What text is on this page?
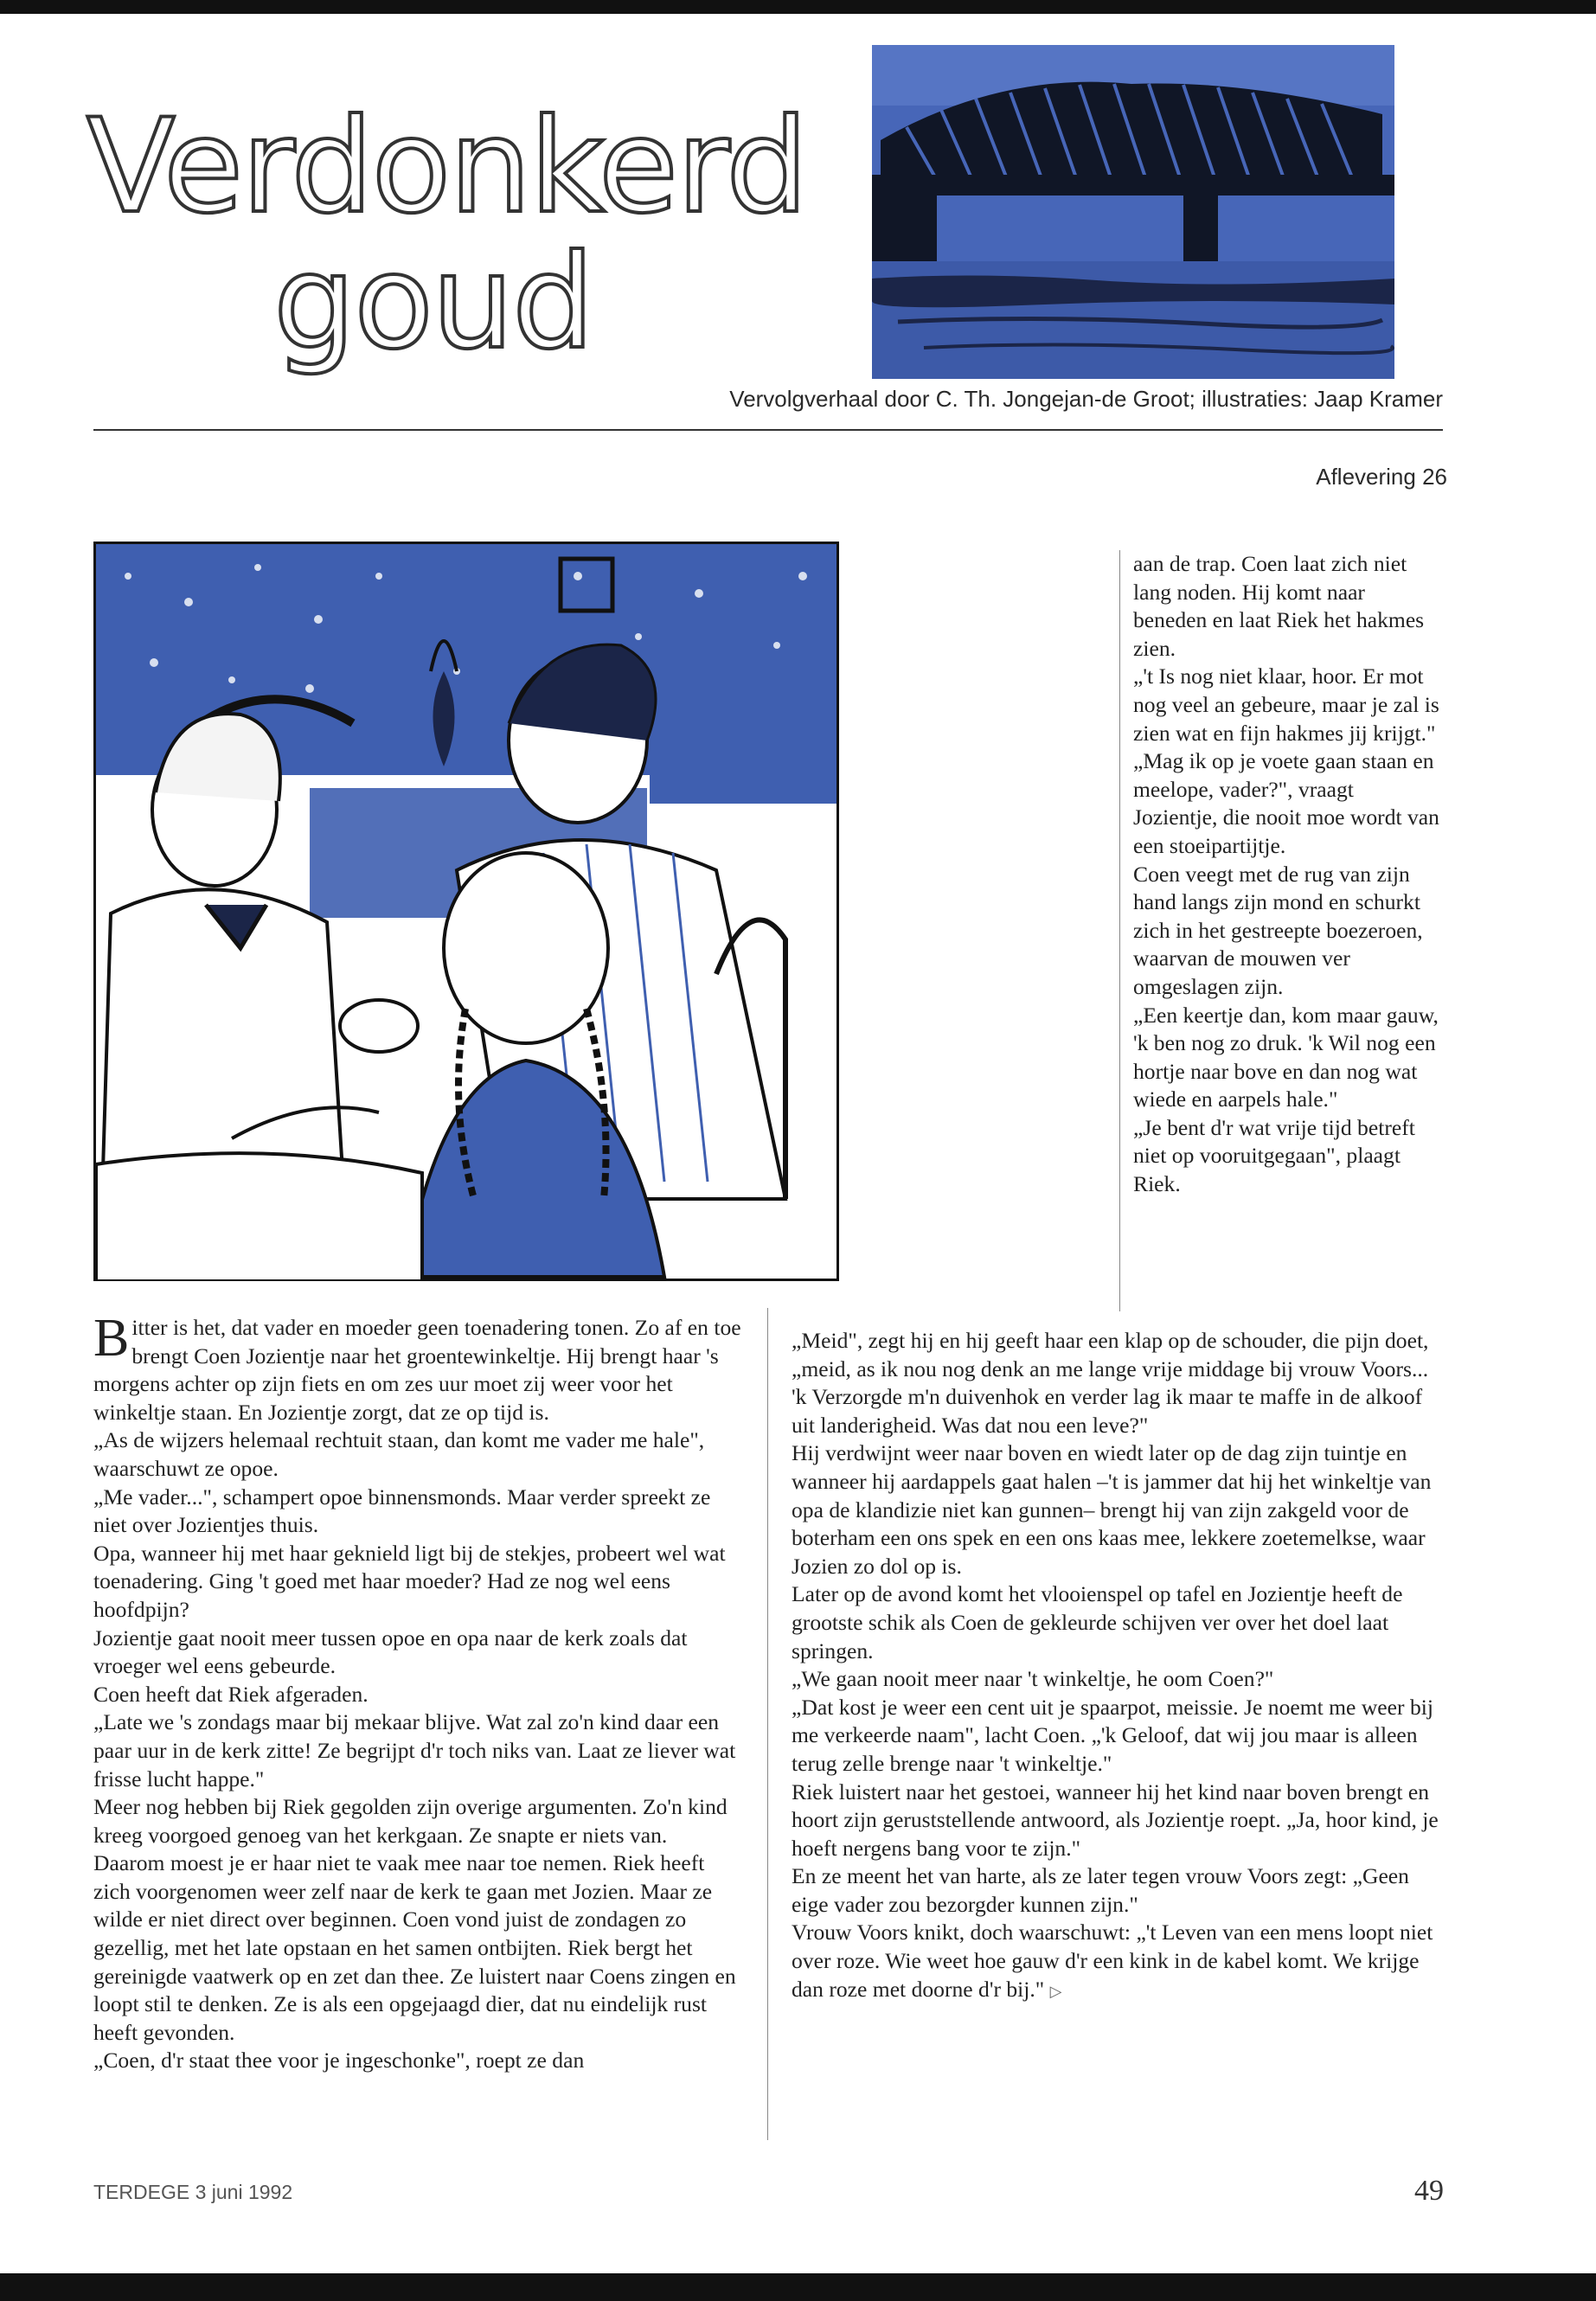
Verdonkerd
goud
Vervolgverhaal door C. Th. Jongejan-de Groot; illustraties: Jaap Kramer
Aflevering 26

aan de trap. Coen laat zich niet lang noden. Hij komt naar beneden en laat Riek het hakmes zien.

„'t Is nog niet klaar, hoor. Er mot nog veel an gebeure, maar je zal is zien wat en fijn hakmes jij krijgt."

„Mag ik op je voete gaan staan en meelope, vader?", vraagt Jozientje, die nooit moe wordt van een stoeipartijtje.

Coen veegt met de rug van zijn hand langs zijn mond en schurkt zich in het gestreepte boezeroen, waarvan de mouwen ver omgeslagen zijn.

„Een keertje dan, kom maar gauw, 'k ben nog zo druk. 'k Wil nog een hortje naar bove en dan nog wat wiede en aarpels hale."

„Je bent d'r wat vrije tijd betreft niet op vooruitgegaan", plaagt Riek.

Bitter is het, dat vader en moeder geen toenadering tonen. Zo af en toe brengt Coen Jozientje naar het groentewinkeltje. Hij brengt haar 's morgens achter op zijn fiets en om zes uur moet zij weer voor het winkeltje staan. En Jozientje zorgt, dat ze op tijd is.

„As de wijzers helemaal rechtuit staan, dan komt me vader me hale", waarschuwt ze opoe.

„Me vader...", schampert opoe binnensmonds. Maar verder spreekt ze niet over Jozientjes thuis.

Opa, wanneer hij met haar geknield ligt bij de stekjes, probeert wel wat toenadering. Ging 't goed met haar moeder? Had ze nog wel eens hoofdpijn?

Jozientje gaat nooit meer tussen opoe en opa naar de kerk zoals dat vroeger wel eens gebeurde.

Coen heeft dat Riek afgeraden.

„Late we 's zondags maar bij mekaar blijve. Wat zal zo'n kind daar een paar uur in de kerk zitte! Ze begrijpt d'r toch niks van. Laat ze liever wat frisse lucht happe."

Meer nog hebben bij Riek gegolden zijn overige argumenten. Zo'n kind kreeg voorgoed genoeg van het kerkgaan. Ze snapte er niets van. Daarom moest je er haar niet te vaak mee naar toe nemen. Riek heeft zich voorgenomen weer zelf naar de kerk te gaan met Jozien. Maar ze wilde er niet direct over beginnen. Coen vond juist de zondagen zo gezellig, met het late opstaan en het samen ontbijten. Riek bergt het gereinigde vaatwerk op en zet dan thee. Ze luistert naar Coens zingen en loopt stil te denken. Ze is als een opgejaagd dier, dat nu eindelijk rust heeft gevonden.

„Coen, d'r staat thee voor je ingeschonke", roept ze dan

„Meid", zegt hij en hij geeft haar een klap op de schouder, die pijn doet, „meid, as ik nou nog denk an me lange vrije middage bij vrouw Voors... 'k Verzorgde m'n duivenhok en verder lag ik maar te maffe in de alkoof uit landerigheid. Was dat nou een leve?"

Hij verdwijnt weer naar boven en wiedt later op de dag zijn tuintje en wanneer hij aardappels gaat halen –'t is jammer dat hij het winkeltje van opa de klandizie niet kan gunnen– brengt hij van zijn zakgeld voor de boterham een ons spek en een ons kaas mee, lekkere zoetemelkse, waar Jozien zo dol op is.

Later op de avond komt het vlooienspel op tafel en Jozientje heeft de grootste schik als Coen de gekleurde schijven ver over het doel laat springen.

„We gaan nooit meer naar 't winkeltje, he oom Coen?"

„Dat kost je weer een cent uit je spaarpot, meissie. Je noemt me weer bij me verkeerde naam", lacht Coen. „'k Geloof, dat wij jou maar is alleen terug zelle brenge naar 't winkeltje."

Riek luistert naar het gestoei, wanneer hij het kind naar boven brengt en hoort zijn geruststellende antwoord, als Jozientje roept. „Ja, hoor kind, je hoeft nergens bang voor te zijn."

En ze meent het van harte, als ze later tegen vrouw Voors zegt: „Geen eige vader zou bezorgder kunnen zijn."

Vrouw Voors knikt, doch waarschuwt: „'t Leven van een mens loopt niet over roze. Wie weet hoe gauw d'r een kink in de kabel komt. We krijge dan roze met doorne d'r bij." ▷

TERDEGE 3 juni 1992	49
